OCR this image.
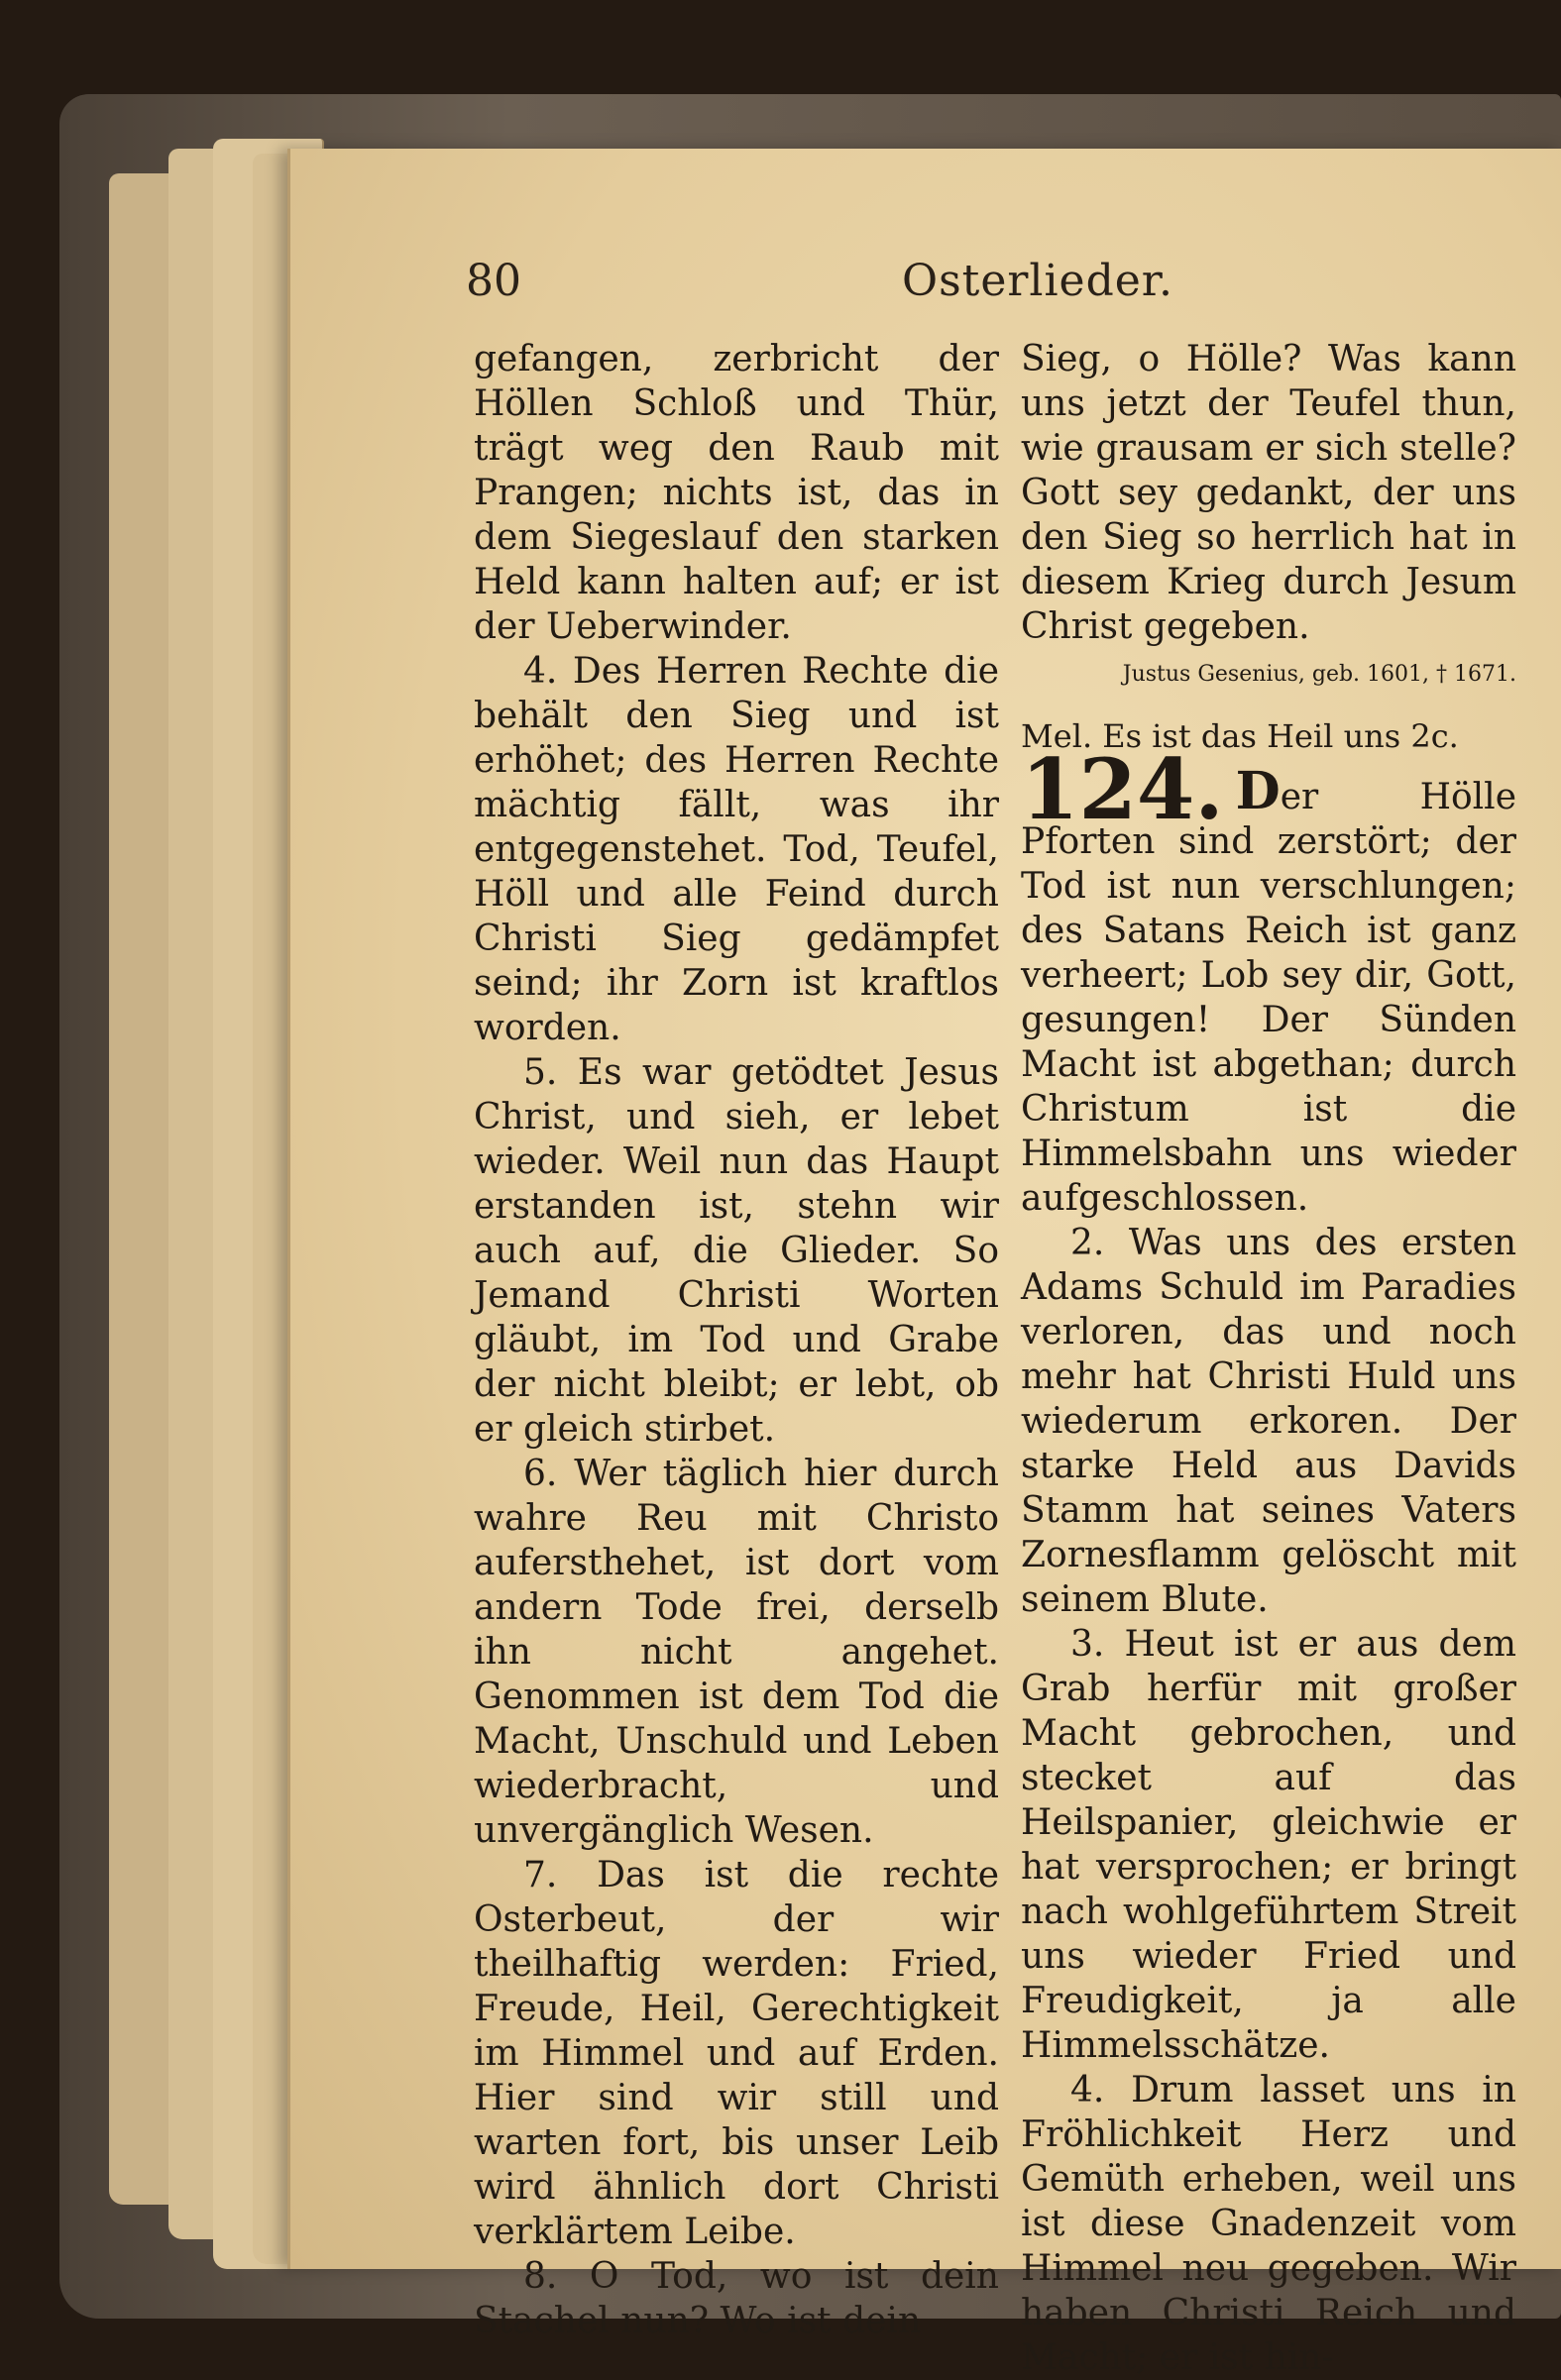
80	Osterlieder.

gefangen, zerbricht der Höllen Schloß und Thür, trägt weg den Raub mit Prangen; nichts ist, das in dem Siegeslauf den starken Held kann halten auf; er ist der Ueberwinder.

4. Des Herren Rechte die behält den Sieg und ist erhöhet; des Herren Rechte mächtig fällt, was ihr entgegenstehet. Tod, Teufel, Höll und alle Feind durch Christi Sieg gedämpfet seind; ihr Zorn ist kraftlos worden.

5. Es war getödtet Jesus Christ, und sieh, er lebet wieder. Weil nun das Haupt erstanden ist, stehn wir auch auf, die Glieder. So Jemand Christi Worten gläubt, im Tod und Grabe der nicht bleibt; er lebt, ob er gleich stirbet.

6. Wer täglich hier durch wahre Reu mit Christo aufersthehet, ist dort vom andern Tode frei, derselb ihn nicht angehet. Genommen ist dem Tod die Macht, Unschuld und Leben wiederbracht, und unvergänglich Wesen.

7. Das ist die rechte Osterbeut, der wir theilhaftig werden: Fried, Freude, Heil, Gerechtigkeit im Himmel und auf Erden. Hier sind wir still und warten fort, bis unser Leib wird ähnlich dort Christi verklärtem Leibe.

8. O Tod, wo ist dein Stachel nun? Wo ist dein

Sieg, o Hölle? Was kann uns jetzt der Teufel thun, wie grausam er sich stelle? Gott sey gedankt, der uns den Sieg so herrlich hat in diesem Krieg durch Jesum Christ gegeben.

Justus Gesenius, geb. 1601, † 1671.

Mel. Es ist das Heil uns 2c.

124. Der Hölle Pforten sind zerstört; der Tod ist nun verschlungen; des Satans Reich ist ganz verheert; Lob sey dir, Gott, gesungen! Der Sünden Macht ist abgethan; durch Christum ist die Himmelsbahn uns wieder aufgeschlossen.

2. Was uns des ersten Adams Schuld im Paradies verloren, das und noch mehr hat Christi Huld uns wiederum erkoren. Der starke Held aus Davids Stamm hat seines Vaters Zornesflamm gelöscht mit seinem Blute.

3. Heut ist er aus dem Grab herfür mit großer Macht gebrochen, und stecket auf das Heilspanier, gleichwie er hat versprochen; er bringt nach wohlgeführtem Streit uns wieder Fried und Freudigkeit, ja alle Himmelsschätze.

4. Drum lasset uns in Fröhlichkeit Herz und Gemüth erheben, weil uns ist diese Gnadenzeit vom Himmel neu gegeben. Wir haben Christi Reich und Macht; er ist hin-
